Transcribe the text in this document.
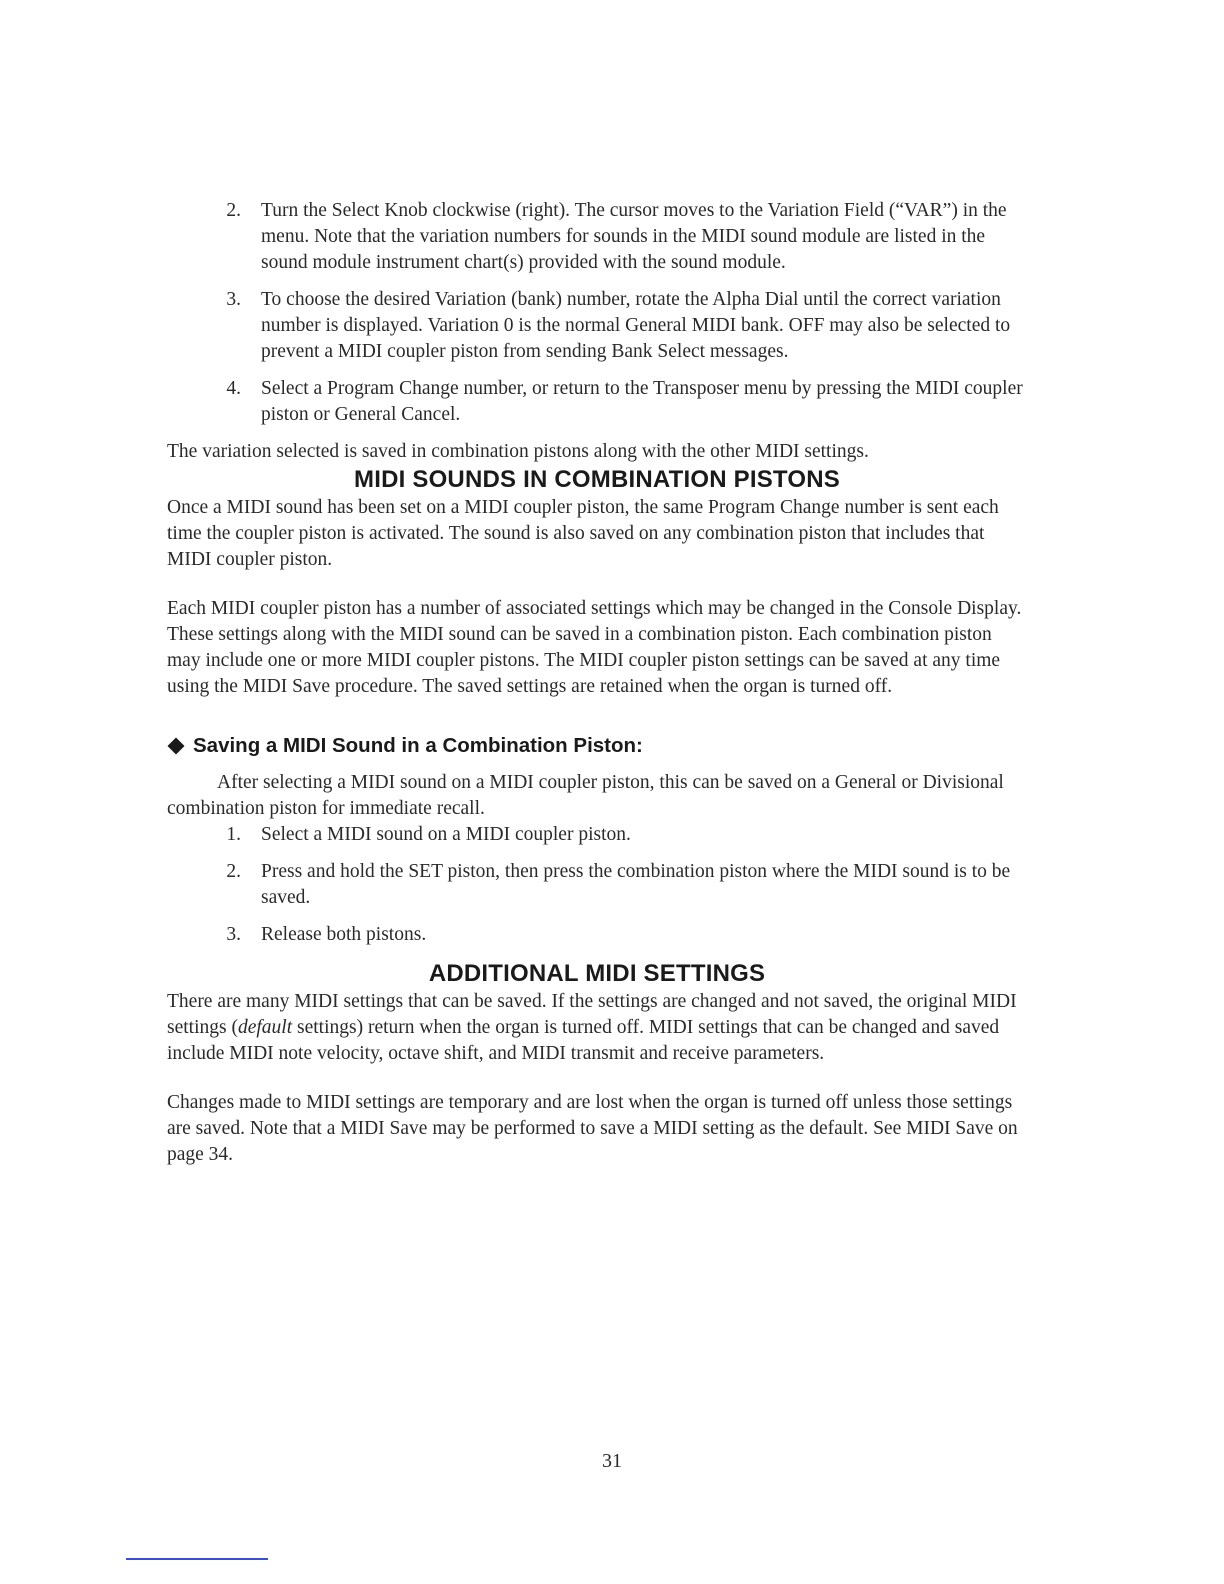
2. Turn the Select Knob clockwise (right). The cursor moves to the Variation Field (“VAR”) in the menu. Note that the variation numbers for sounds in the MIDI sound module are listed in the sound module instrument chart(s) provided with the sound module.
3. To choose the desired Variation (bank) number, rotate the Alpha Dial until the correct variation number is displayed. Variation 0 is the normal General MIDI bank. OFF may also be selected to prevent a MIDI coupler piston from sending Bank Select messages.
4. Select a Program Change number, or return to the Transposer menu by pressing the MIDI coupler piston or General Cancel.

The variation selected is saved in combination pistons along with the other MIDI settings.

MIDI SOUNDS IN COMBINATION PISTONS

Once a MIDI sound has been set on a MIDI coupler piston, the same Program Change number is sent each time the coupler piston is activated. The sound is also saved on any combination piston that includes that MIDI coupler piston.

Each MIDI coupler piston has a number of associated settings which may be changed in the Console Display. These settings along with the MIDI sound can be saved in a combination piston. Each combination piston may include one or more MIDI coupler pistons. The MIDI coupler piston settings can be saved at any time using the MIDI Save procedure. The saved settings are retained when the organ is turned off.

Saving a MIDI Sound in a Combination Piston:

After selecting a MIDI sound on a MIDI coupler piston, this can be saved on a General or Divisional combination piston for immediate recall.

1. Select a MIDI sound on a MIDI coupler piston.
2. Press and hold the SET piston, then press the combination piston where the MIDI sound is to be saved.
3. Release both pistons.
ADDITIONAL MIDI SETTINGS

There are many MIDI settings that can be saved. If the settings are changed and not saved, the original MIDI settings (default settings) return when the organ is turned off. MIDI settings that can be changed and saved include MIDI note velocity, octave shift, and MIDI transmit and receive parameters.

Changes made to MIDI settings are temporary and are lost when the organ is turned off unless those settings are saved. Note that a MIDI Save may be performed to save a MIDI setting as the default. See MIDI Save on page 34.

31
